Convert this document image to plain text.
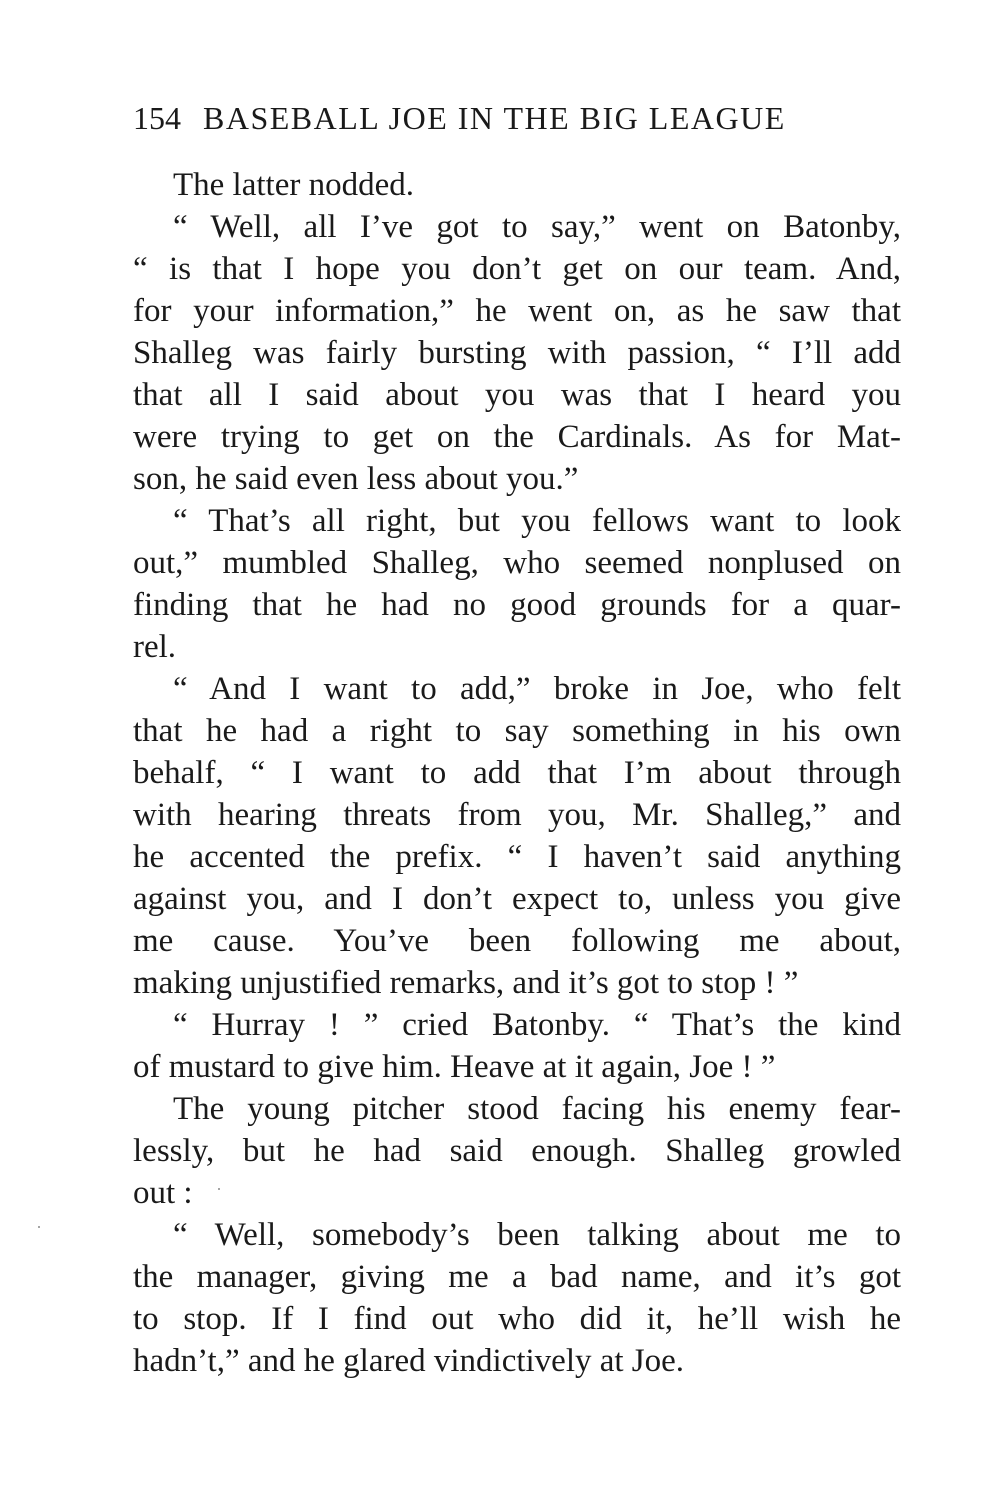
154 BASEBALL JOE IN THE BIG LEAGUE
The latter nodded.
“ Well, all I’ve got to say,” went on Batonby,
“ is that I hope you don’t get on our team. And,
for your information,” he went on, as he saw that
Shalleg was fairly bursting with passion, “ I’ll add
that all I said about you was that I heard you
were trying to get on the Cardinals. As for Mat-
son, he said even less about you.”
“ That’s all right, but you fellows want to look
out,” mumbled Shalleg, who seemed nonplused on
finding that he had no good grounds for a quar-
rel.
“ And I want to add,” broke in Joe, who felt
that he had a right to say something in his own
behalf, “ I want to add that I’m about through
with hearing threats from you, Mr. Shalleg,” and
he accented the prefix. “ I haven’t said anything
against you, and I don’t expect to, unless you give
me cause. You’ve been following me about,
making unjustified remarks, and it’s got to stop ! ”
“ Hurray ! ” cried Batonby. “ That’s the kind
of mustard to give him. Heave at it again, Joe ! ”
The young pitcher stood facing his enemy fear-
lessly, but he had said enough. Shalleg growled
out :
“ Well, somebody’s been talking about me to
the manager, giving me a bad name, and it’s got
to stop. If I find out who did it, he’ll wish he
hadn’t,” and he glared vindictively at Joe.
